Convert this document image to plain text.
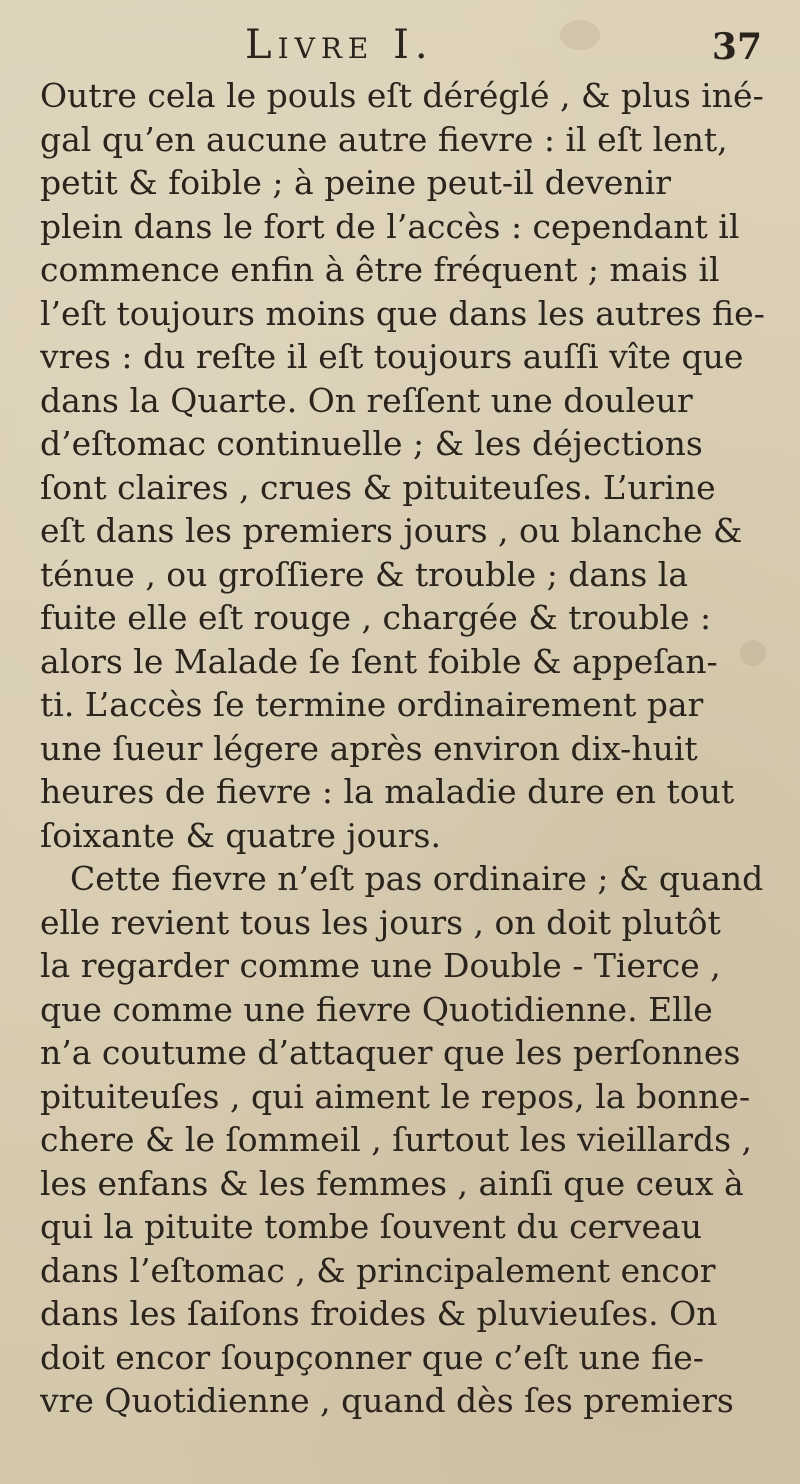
Livre I.	37
Outre cela le pouls eſt déréglé , & plus iné-
gal qu’en aucune autre fievre : il eſt lent,
petit & foible ; à peine peut-il devenir
plein dans le fort de l’accès : cependant il
commence enfin à être fréquent ; mais il
l’eſt toujours moins que dans les autres fie-
vres : du reſte il eſt toujours auſſi vîte que
dans la Quarte. On reſſent une douleur
d’eſtomac continuelle ; & les déjections
ſont claires , crues & pituiteuſes. L’urine
eſt dans les premiers jours , ou blanche &
ténue , ou groſſiere & trouble ; dans la
fuite elle eſt rouge , chargée & trouble :
alors le Malade ſe ſent foible & appeſan-
ti. L’accès ſe termine ordinairement par
une ſueur légere après environ dix-huit
heures de fievre : la maladie dure en tout
ſoixante & quatre jours.
Cette fievre n’eſt pas ordinaire ; & quand
elle revient tous les jours , on doit plutôt
la regarder comme une Double - Tierce ,
que comme une fievre Quotidienne. Elle
n’a coutume d’attaquer que les perſonnes
pituiteuſes , qui aiment le repos, la bonne-
chere & le ſommeil , ſurtout les vieillards ,
les enfans & les femmes , ainſi que ceux à
qui la pituite tombe ſouvent du cerveau
dans l’eſtomac , & principalement encor
dans les ſaiſons froides & pluvieuſes. On
doit encor ſoupçonner que c’eſt une fie-
vre Quotidienne , quand dès ſes premiers
